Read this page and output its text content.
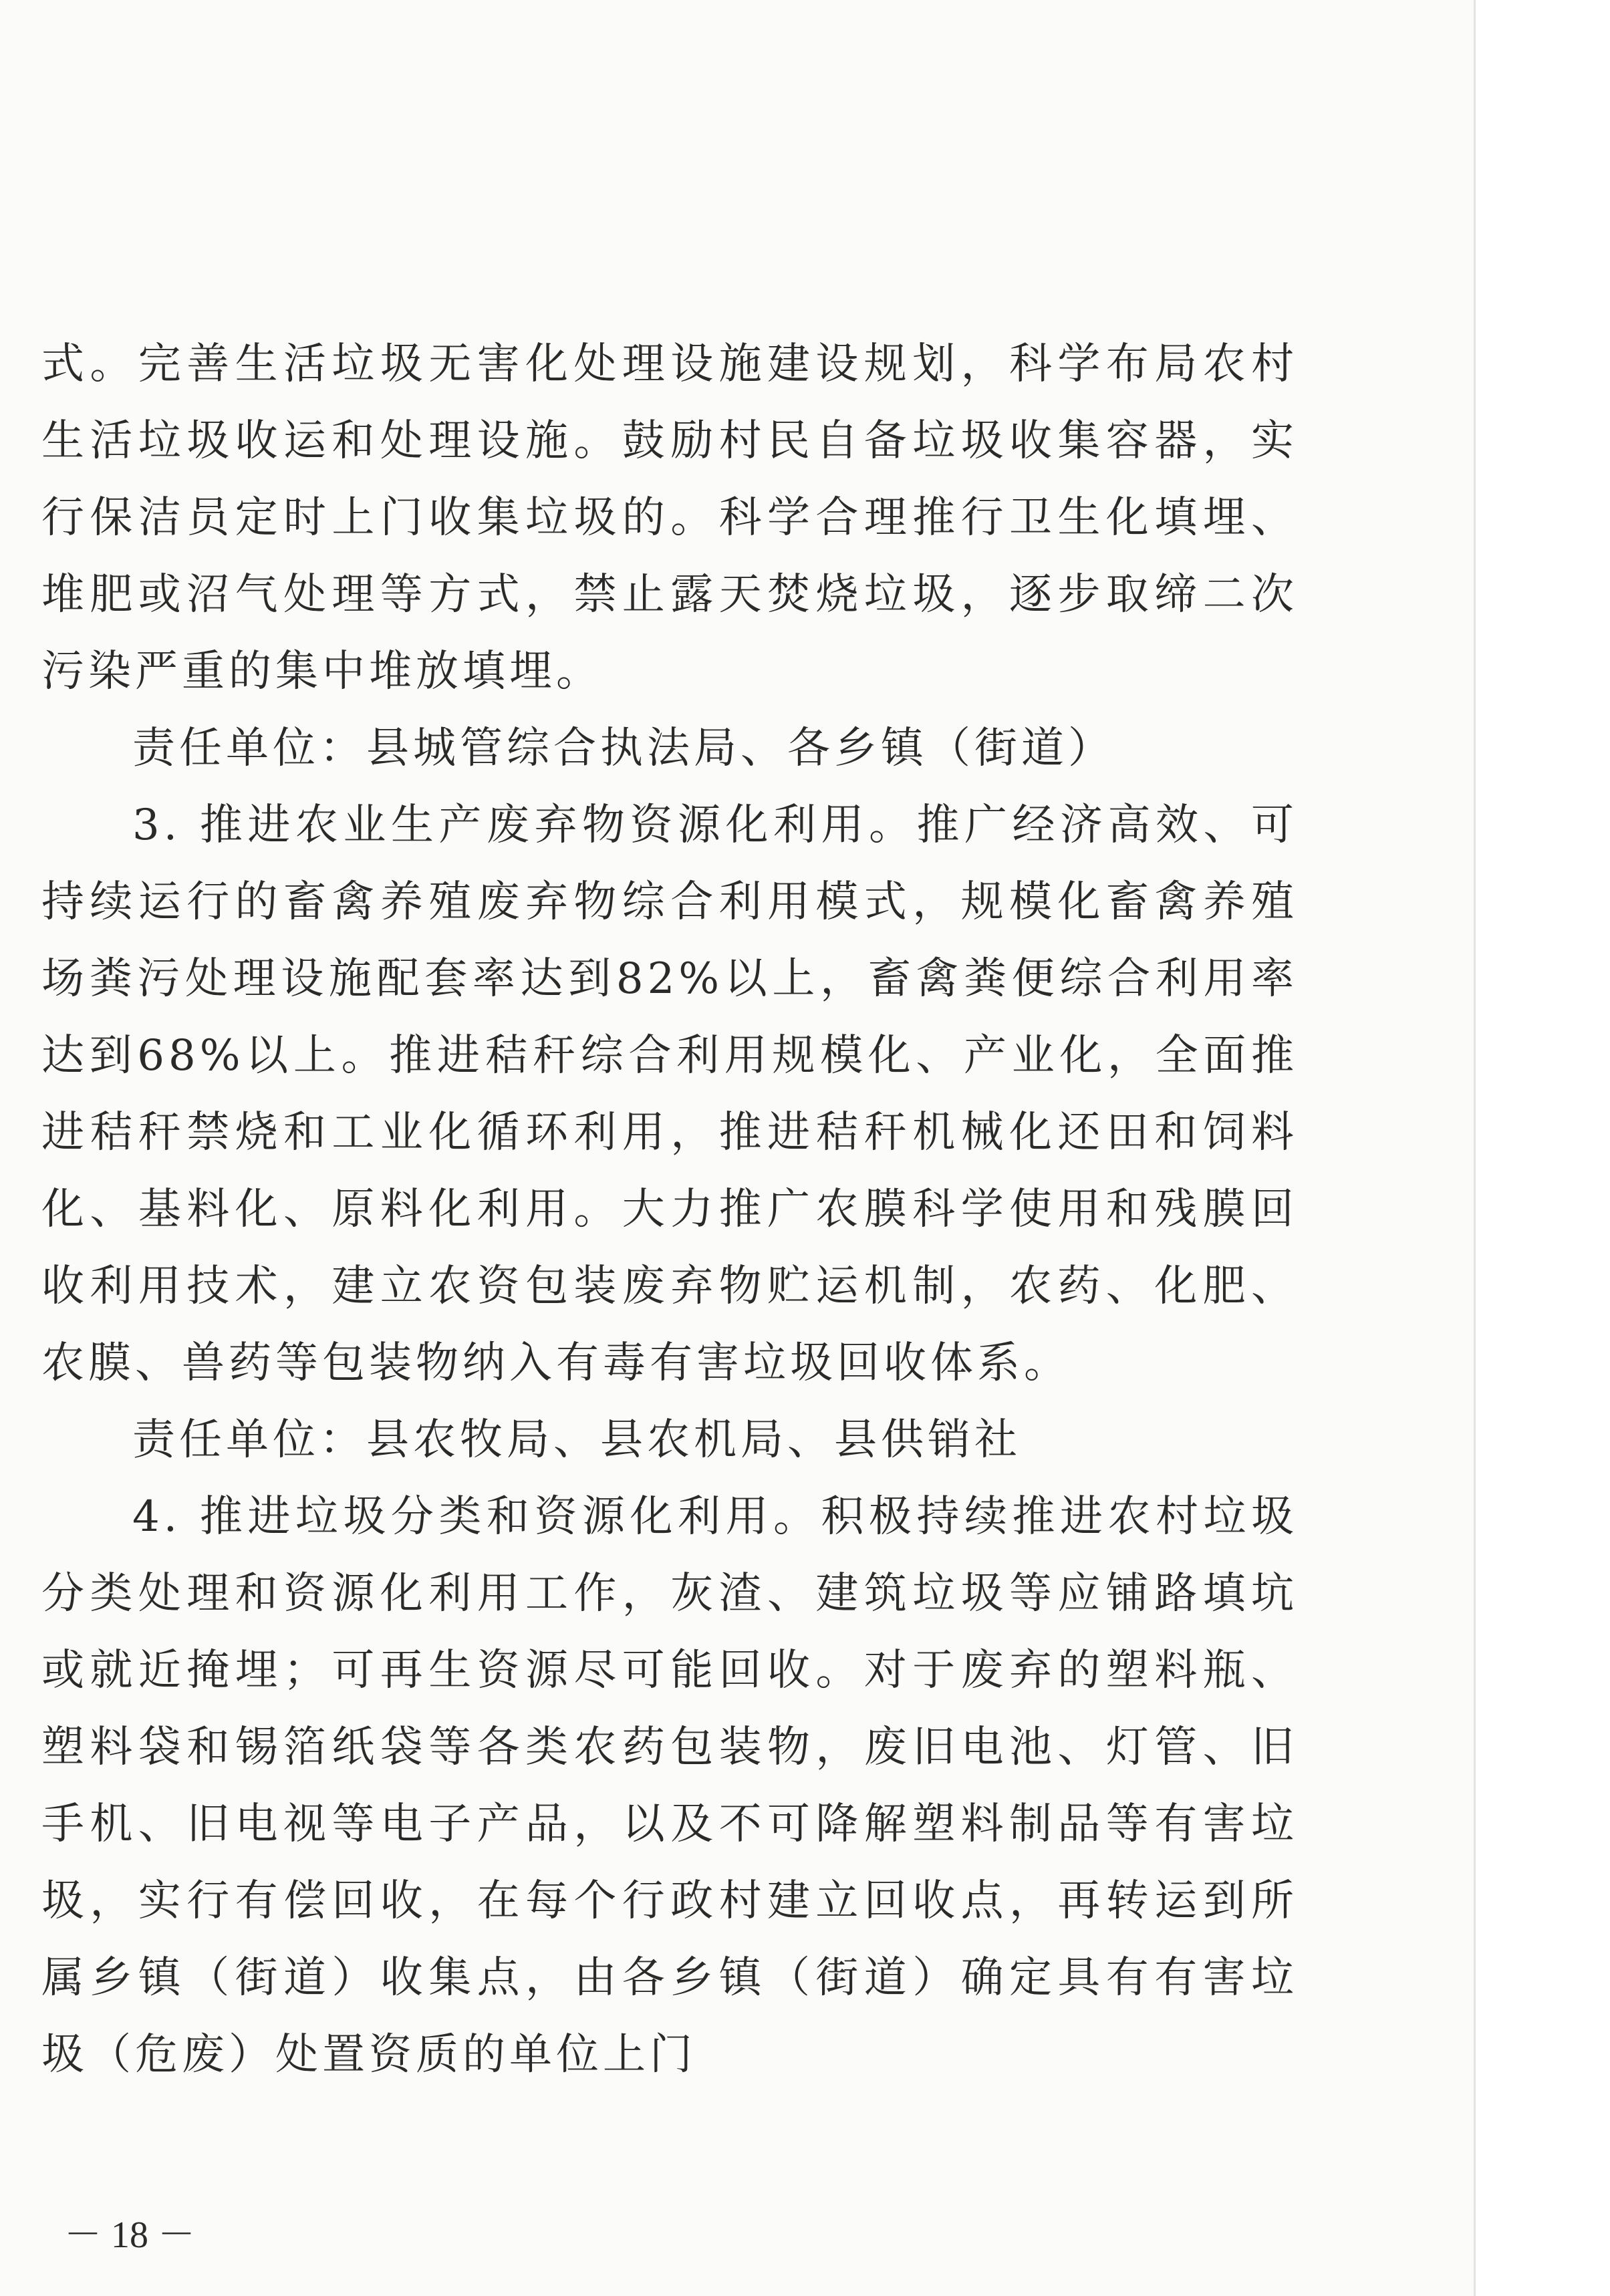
式。完善生活垃圾无害化处理设施建设规划，科学布局农村生活垃圾收运和处理设施。鼓励村民自备垃圾收集容器，实行保洁员定时上门收集垃圾的。科学合理推行卫生化填埋、堆肥或沼气处理等方式，禁止露天焚烧垃圾，逐步取缔二次污染严重的集中堆放填埋。

责任单位：县城管综合执法局、各乡镇（街道）

3. 推进农业生产废弃物资源化利用。推广经济高效、可持续运行的畜禽养殖废弃物综合利用模式，规模化畜禽养殖场粪污处理设施配套率达到82%以上，畜禽粪便综合利用率达到68%以上。推进秸秆综合利用规模化、产业化，全面推进秸秆禁烧和工业化循环利用，推进秸秆机械化还田和饲料化、基料化、原料化利用。大力推广农膜科学使用和残膜回收利用技术，建立农资包装废弃物贮运机制，农药、化肥、农膜、兽药等包装物纳入有毒有害垃圾回收体系。

责任单位：县农牧局、县农机局、县供销社

4. 推进垃圾分类和资源化利用。积极持续推进农村垃圾分类处理和资源化利用工作，灰渣、建筑垃圾等应铺路填坑或就近掩埋；可再生资源尽可能回收。对于废弃的塑料瓶、塑料袋和锡箔纸袋等各类农药包装物，废旧电池、灯管、旧手机、旧电视等电子产品，以及不可降解塑料制品等有害垃圾，实行有偿回收，在每个行政村建立回收点，再转运到所属乡镇（街道）收集点，由各乡镇（街道）确定具有有害垃圾（危废）处置资质的单位上门

－ 18 －
